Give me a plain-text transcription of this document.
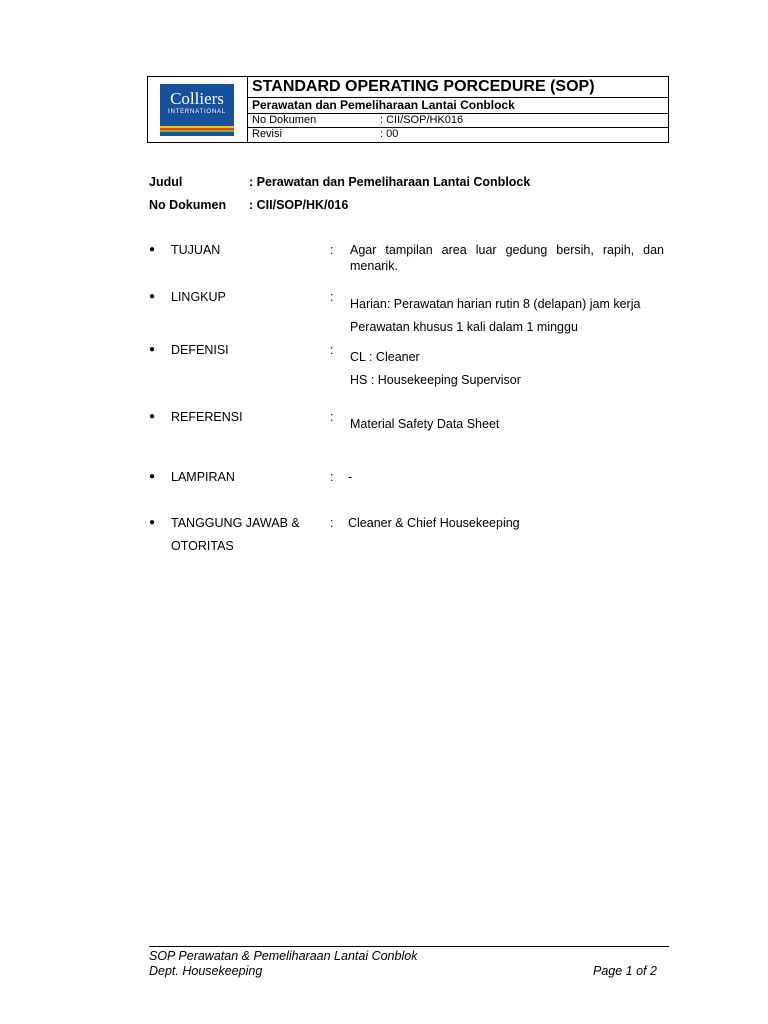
Colliers
INTERNATIONAL
STANDARD OPERATING PORCEDURE (SOP)
Perawatan dan Pemeliharaan Lantai Conblock
No Dokumen	: CII/SOP/HK016
Revisi	: 00
Judul	: Perawatan dan Pemeliharaan Lantai Conblock
No Dokumen : CII/SOP/HK/016
● TUJUAN	: Agar tampilan area luar gedung bersih, rapih, dan menarik.
● LINGKUP	: Harian: Perawatan harian rutin 8 (delapan) jam kerja
Perawatan khusus 1 kali dalam 1 minggu
● DEFENISI	: CL : Cleaner
HS : Housekeeping Supervisor
● REFERENSI	: Material Safety Data Sheet
● LAMPIRAN	: -
● TANGGUNG JAWAB &	: Cleaner & Chief Housekeeping
OTORITAS
SOP Perawatan & Pemeliharaan Lantai Conblok
Dept. Housekeeping	Page 1 of 2
